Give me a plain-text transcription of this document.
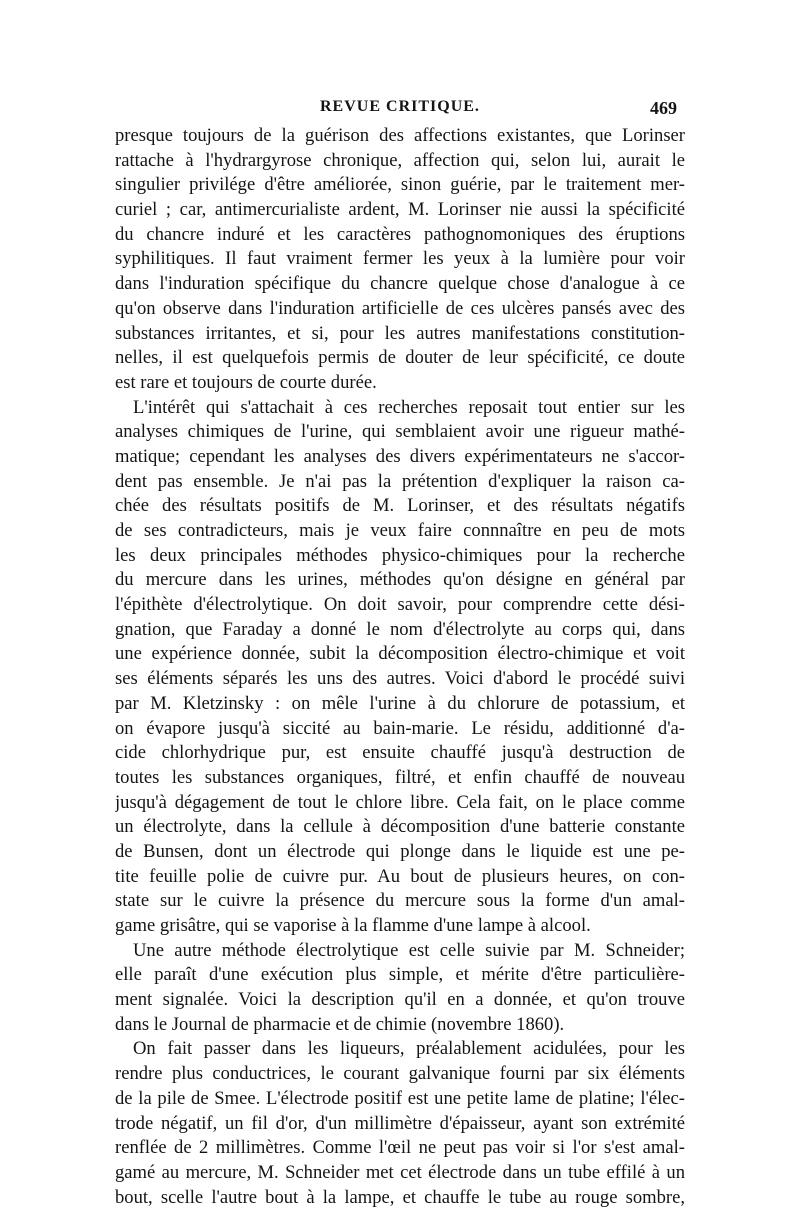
REVUE CRITIQUE.	469
presque toujours de la guérison des affections existantes, que Lorinser
rattache à l'hydrargyrose chronique, affection qui, selon lui, aurait le
singulier privilége d'être améliorée, sinon guérie, par le traitement mer-
curiel ; car, antimercurialiste ardent, M. Lorinser nie aussi la spécificité
du chancre induré et les caractères pathognomoniques des éruptions
syphilitiques. Il faut vraiment fermer les yeux à la lumière pour voir
dans l'induration spécifique du chancre quelque chose d'analogue à ce
qu'on observe dans l'induration artificielle de ces ulcères pansés avec des
substances irritantes, et si, pour les autres manifestations constitution-
nelles, il est quelquefois permis de douter de leur spécificité, ce doute
est rare et toujours de courte durée.
L'intérêt qui s'attachait à ces recherches reposait tout entier sur les
analyses chimiques de l'urine, qui semblaient avoir une rigueur mathé-
matique; cependant les analyses des divers expérimentateurs ne s'accor-
dent pas ensemble. Je n'ai pas la prétention d'expliquer la raison ca-
chée des résultats positifs de M. Lorinser, et des résultats négatifs
de ses contradicteurs, mais je veux faire connnaître en peu de mots
les deux principales méthodes physico-chimiques pour la recherche
du mercure dans les urines, méthodes qu'on désigne en général par
l'épithète d'électrolytique. On doit savoir, pour comprendre cette dési-
gnation, que Faraday a donné le nom d'électrolyte au corps qui, dans
une expérience donnée, subit la décomposition électro-chimique et voit
ses éléments séparés les uns des autres. Voici d'abord le procédé suivi
par M. Kletzinsky : on mêle l'urine à du chlorure de potassium, et
on évapore jusqu'à siccité au bain-marie. Le résidu, additionné d'a-
cide chlorhydrique pur, est ensuite chauffé jusqu'à destruction de
toutes les substances organiques, filtré, et enfin chauffé de nouveau
jusqu'à dégagement de tout le chlore libre. Cela fait, on le place comme
un électrolyte, dans la cellule à décomposition d'une batterie constante
de Bunsen, dont un électrode qui plonge dans le liquide est une pe-
tite feuille polie de cuivre pur. Au bout de plusieurs heures, on con-
state sur le cuivre la présence du mercure sous la forme d'un amal-
game grisâtre, qui se vaporise à la flamme d'une lampe à alcool.
Une autre méthode électrolytique est celle suivie par M. Schneider;
elle paraît d'une exécution plus simple, et mérite d'être particulière-
ment signalée. Voici la description qu'il en a donnée, et qu'on trouve
dans le Journal de pharmacie et de chimie (novembre 1860).
On fait passer dans les liqueurs, préalablement acidulées, pour les
rendre plus conductrices, le courant galvanique fourni par six éléments
de la pile de Smee. L'électrode positif est une petite lame de platine; l'élec-
trode négatif, un fil d'or, d'un millimètre d'épaisseur, ayant son extrémité
renflée de 2 millimètres. Comme l'œil ne peut pas voir si l'or s'est amal-
gamé au mercure, M. Schneider met cet électrode dans un tube effilé à un
bout, scelle l'autre bout à la lampe, et chauffe le tube au rouge sombre,
